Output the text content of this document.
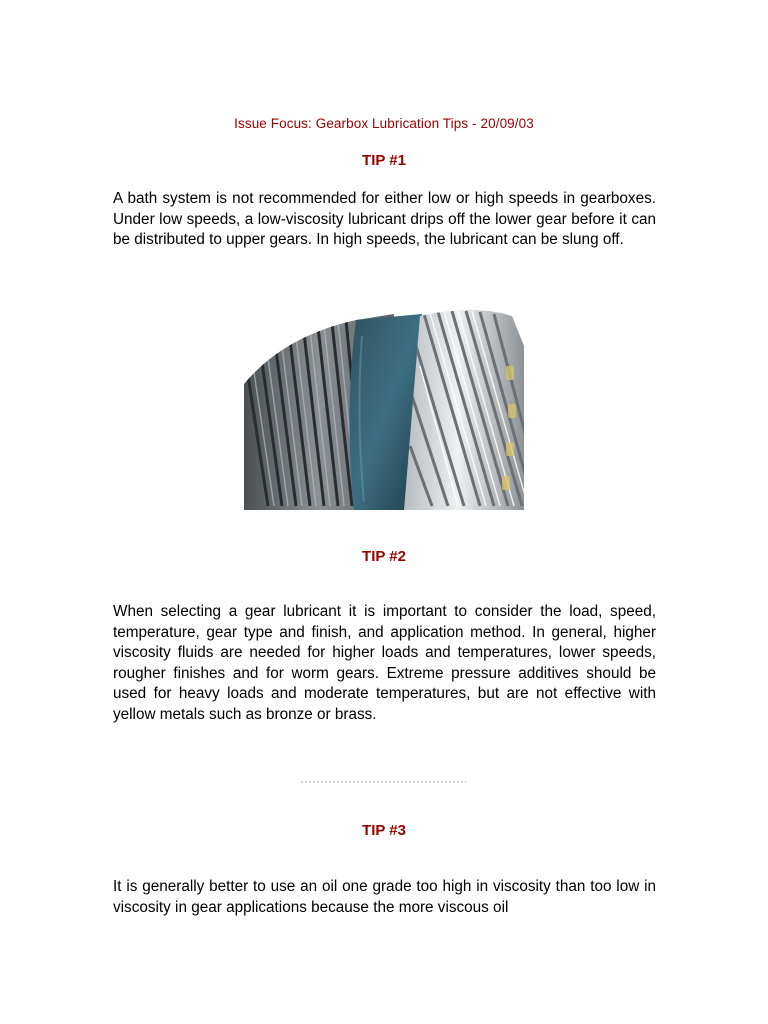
Issue Focus: Gearbox Lubrication Tips - 20/09/03
TIP #1

A bath system is not recommended for either low or high speeds in gearboxes. Under low speeds, a low-viscosity lubricant drips off the lower gear before it can be distributed to upper gears. In high speeds, the lubricant can be slung off.

TIP #2

When selecting a gear lubricant it is important to consider the load, speed, temperature, gear type and finish, and application method. In general, higher viscosity fluids are needed for higher loads and temperatures, lower speeds, rougher finishes and for worm gears. Extreme pressure additives should be used for heavy loads and moderate temperatures, but are not effective with yellow metals such as bronze or brass.

TIP #3

It is generally better to use an oil one grade too high in viscosity than too low in viscosity in gear applications because the more viscous oil
